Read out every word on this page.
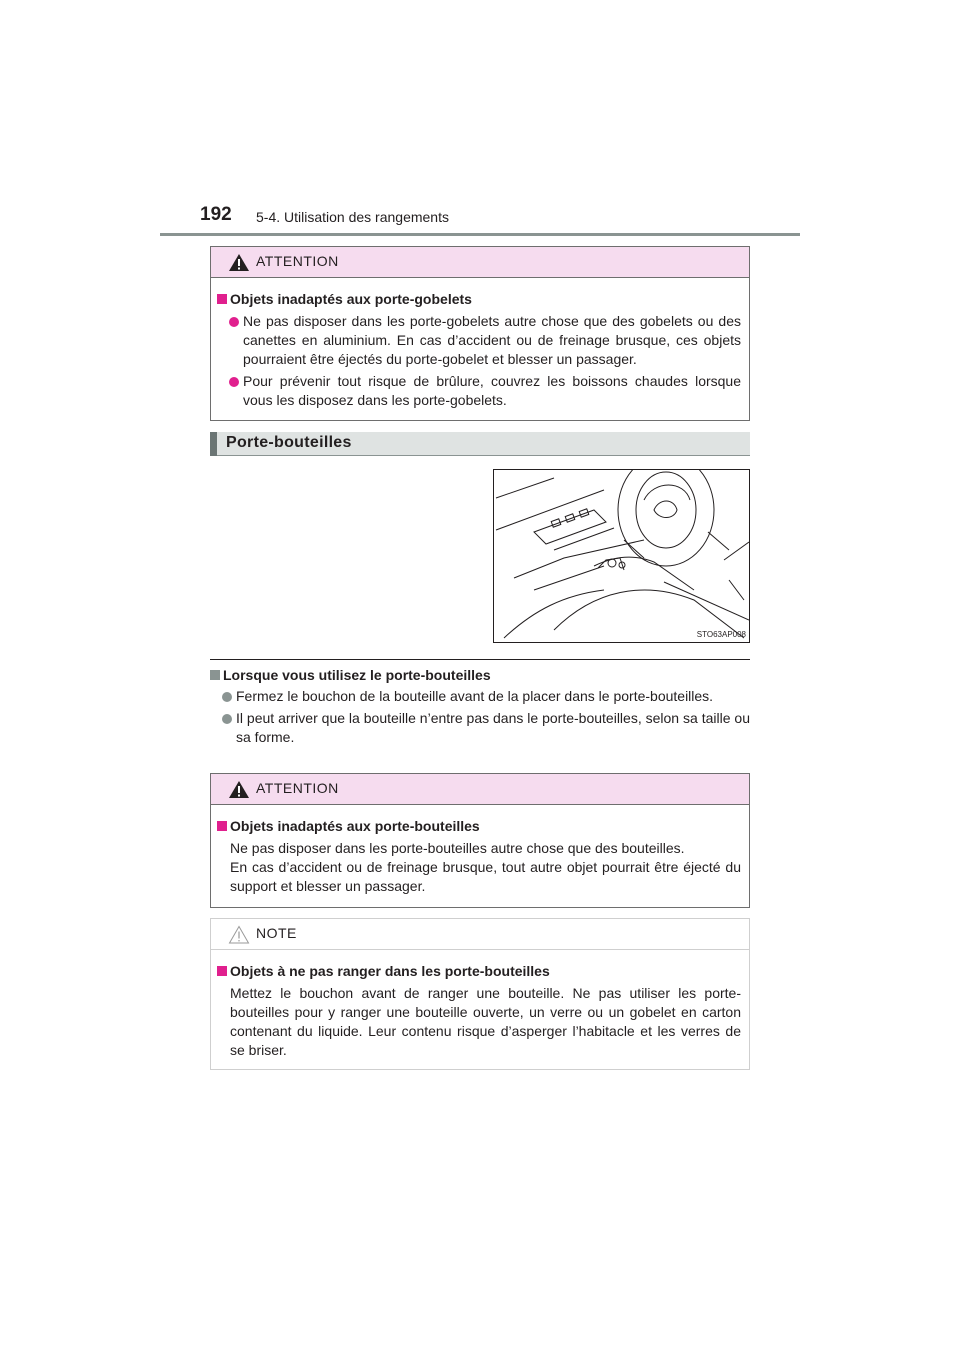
192 5-4. Utilisation des rangements
ATTENTION
Objets inadaptés aux porte-gobelets
Ne pas disposer dans les porte-gobelets autre chose que des gobelets ou des canettes en aluminium. En cas d’accident ou de freinage brusque, ces objets pourraient être éjectés du porte-gobelet et blesser un passager.
Pour prévenir tout risque de brûlure, couvrez les boissons chaudes lorsque vous les disposez dans les porte-gobelets.
Porte-bouteilles
STO63AP008
Lorsque vous utilisez le porte-bouteilles
Fermez le bouchon de la bouteille avant de la placer dans le porte-bouteilles.
Il peut arriver que la bouteille n’entre pas dans le porte-bouteilles, selon sa taille ou sa forme.
ATTENTION
Objets inadaptés aux porte-bouteilles

Ne pas disposer dans les porte-bouteilles autre chose que des bouteilles.

En cas d’accident ou de freinage brusque, tout autre objet pourrait être éjecté du support et blesser un passager.

NOTE
Objets à ne pas ranger dans les porte-bouteilles
Mettez le bouchon avant de ranger une bouteille. Ne pas utiliser les porte-bouteilles pour y ranger une bouteille ouverte, un verre ou un gobelet en carton contenant du liquide. Leur contenu risque d’asperger l’habitacle et les verres de se briser.
